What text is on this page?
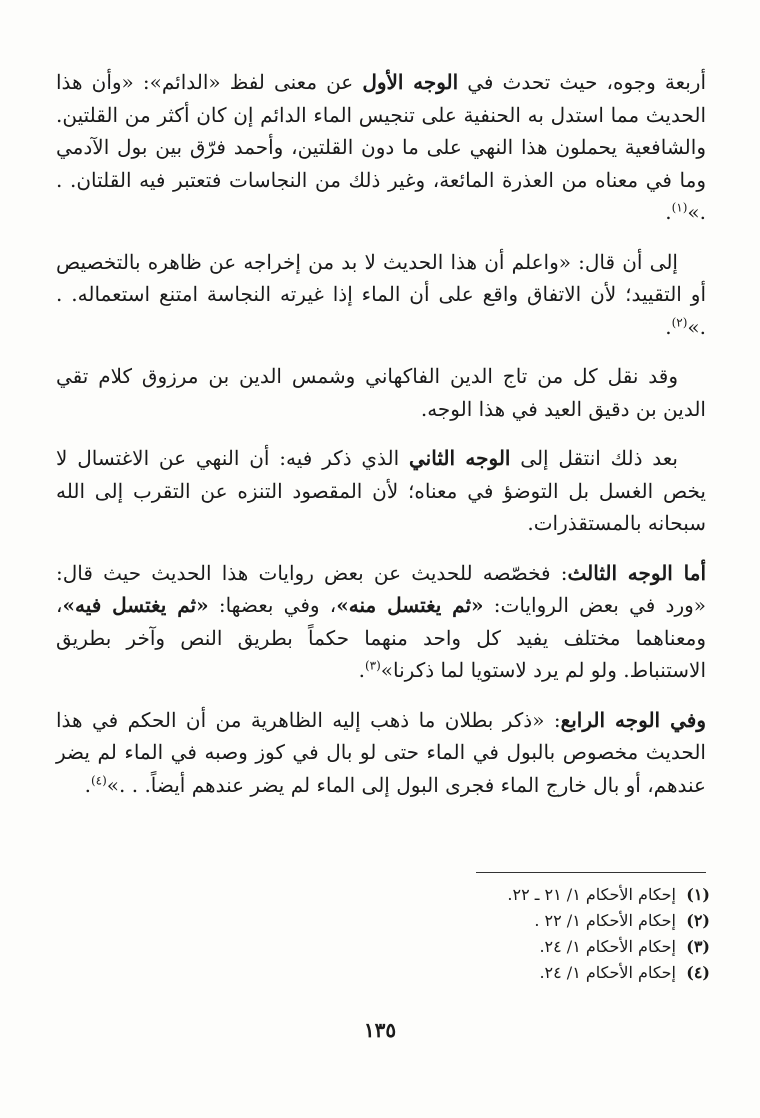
أربعة وجوه، حيث تحدث في الوجه الأول عن معنى لفظ «الدائم»: «وأن هذا الحديث مما استدل به الحنفية على تنجيس الماء الدائم إن كان أكثر من القلتين. والشافعية يحملون هذا النهي على ما دون القلتين، وأحمد فرّق بين بول الآدمي وما في معناه من العذرة المائعة، وغير ذلك من النجاسات فتعتبر فيه القلتان. . .»$^{(١)}$.

إلى أن قال: «واعلم أن هذا الحديث لا بد من إخراجه عن ظاهره بالتخصيص أو التقييد؛ لأن الاتفاق واقع على أن الماء إذا غيرته النجاسة امتنع استعماله. . .»$^{(٢)}$.

وقد نقل كل من تاج الدين الفاكهاني وشمس الدين بن مرزوق كلام تقي الدين بن دقيق العيد في هذا الوجه.

بعد ذلك انتقل إلى الوجه الثاني الذي ذكر فيه: أن النهي عن الاغتسال لا يخص الغسل بل التوضؤ في معناه؛ لأن المقصود التنزه عن التقرب إلى الله سبحانه بالمستقذرات.

أما الوجه الثالث: فخصّصه للحديث عن بعض روايات هذا الحديث حيث قال: «ورد في بعض الروايات: «ثم يغتسل منه»، وفي بعضها: «ثم يغتسل فيه»، ومعناهما مختلف يفيد كل واحد منهما حكماً بطريق النص وآخر بطريق الاستنباط. ولو لم يرد لاستويا لما ذكرنا»$^{(٣)}$.

وفي الوجه الرابع: «ذكر بطلان ما ذهب إليه الظاهرية من أن الحكم في هذا الحديث مخصوص بالبول في الماء حتى لو بال في كوز وصبه في الماء لم يضر عندهم، أو بال خارج الماء فجرى البول إلى الماء لم يضر عندهم أيضاً. . .»$^{(٤)}$.

(١)إحكام الأحكام ١/ ٢١ ـ ٢٢.
(٢)إحكام الأحكام ١/ ٢٢ .
(٣)إحكام الأحكام ١/ ٢٤.
(٤)إحكام الأحكام ١/ ٢٤.
١٣٥
